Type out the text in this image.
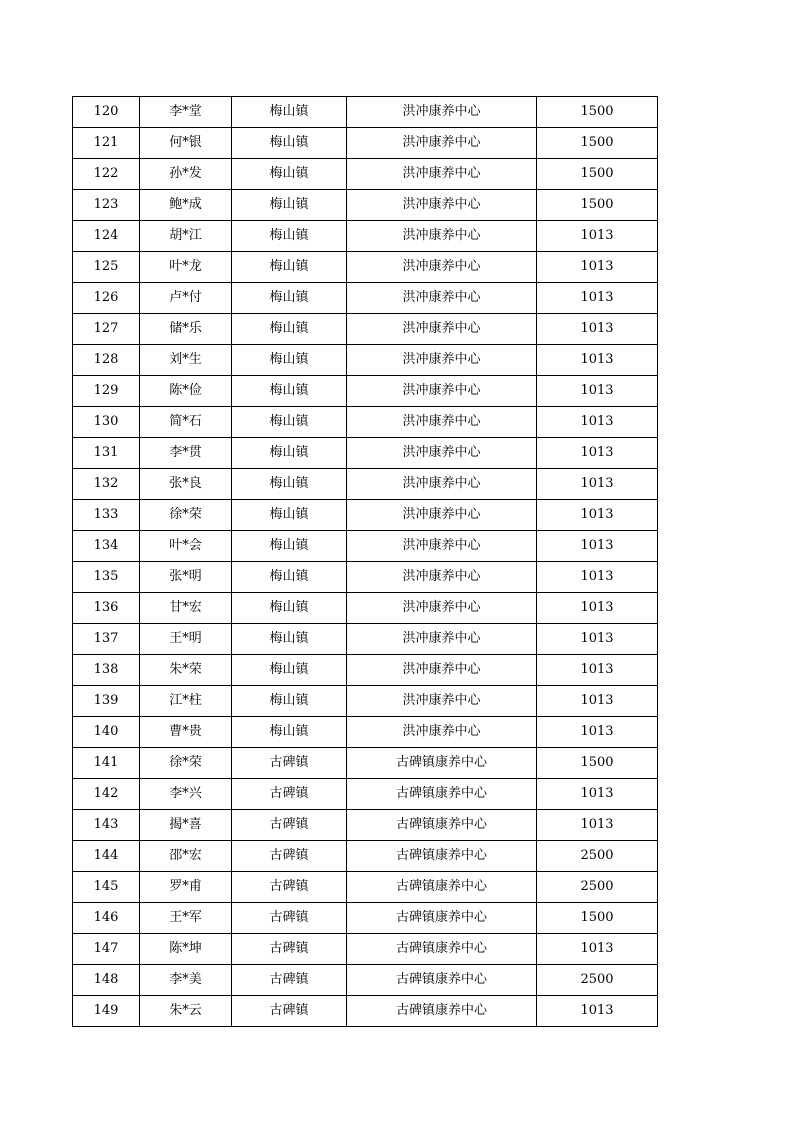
120	李*堂	梅山镇	洪冲康养中心	1500
121	何*银	梅山镇	洪冲康养中心	1500
122	孙*发	梅山镇	洪冲康养中心	1500
123	鲍*成	梅山镇	洪冲康养中心	1500
124	胡*江	梅山镇	洪冲康养中心	1013
125	叶*龙	梅山镇	洪冲康养中心	1013
126	卢*付	梅山镇	洪冲康养中心	1013
127	储*乐	梅山镇	洪冲康养中心	1013
128	刘*生	梅山镇	洪冲康养中心	1013
129	陈*俭	梅山镇	洪冲康养中心	1013
130	简*石	梅山镇	洪冲康养中心	1013
131	李*贯	梅山镇	洪冲康养中心	1013
132	张*良	梅山镇	洪冲康养中心	1013
133	徐*荣	梅山镇	洪冲康养中心	1013
134	叶*会	梅山镇	洪冲康养中心	1013
135	张*明	梅山镇	洪冲康养中心	1013
136	甘*宏	梅山镇	洪冲康养中心	1013
137	王*明	梅山镇	洪冲康养中心	1013
138	朱*荣	梅山镇	洪冲康养中心	1013
139	江*柱	梅山镇	洪冲康养中心	1013
140	曹*贵	梅山镇	洪冲康养中心	1013
141	徐*荣	古碑镇	古碑镇康养中心	1500
142	李*兴	古碑镇	古碑镇康养中心	1013
143	揭*喜	古碑镇	古碑镇康养中心	1013
144	邵*宏	古碑镇	古碑镇康养中心	2500
145	罗*甫	古碑镇	古碑镇康养中心	2500
146	王*军	古碑镇	古碑镇康养中心	1500
147	陈*坤	古碑镇	古碑镇康养中心	1013
148	李*美	古碑镇	古碑镇康养中心	2500
149	朱*云	古碑镇	古碑镇康养中心	1013
